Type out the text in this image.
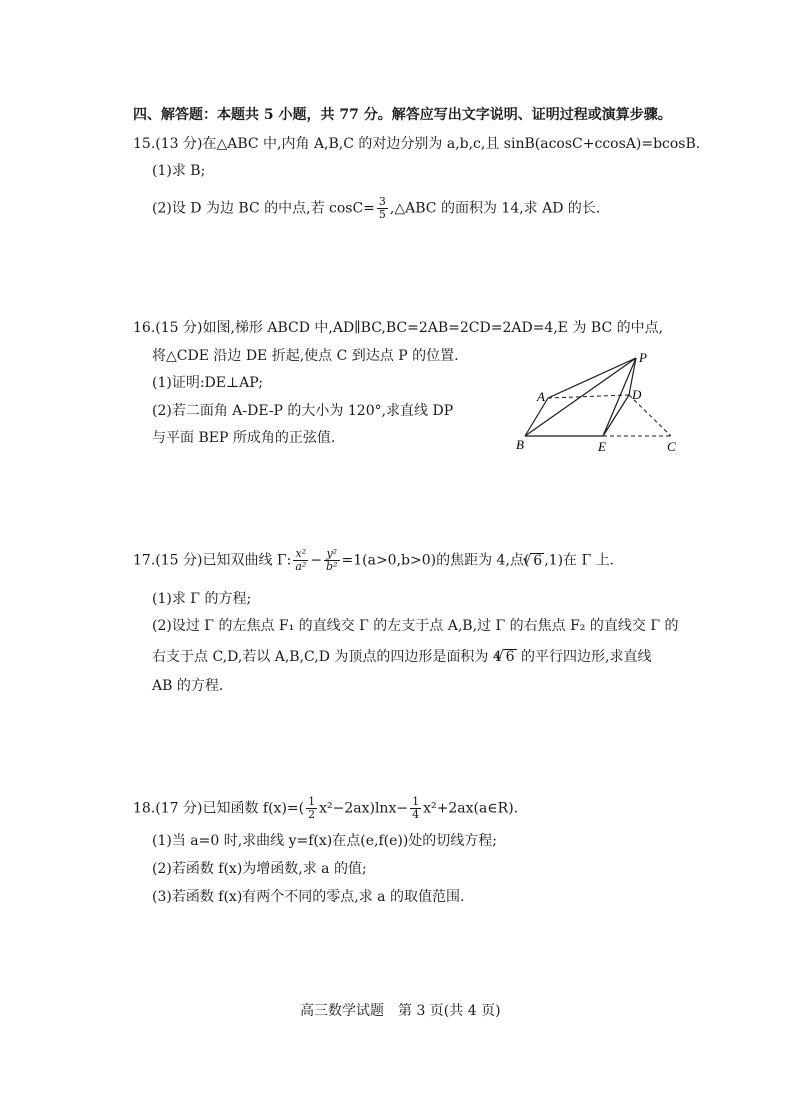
四、解答题：本题共 5 小题，共 77 分。解答应写出文字说明、证明过程或演算步骤。
15.(13 分)在△ABC 中,内角 A,B,C 的对边分别为 a,b,c,且 sinB(acosC+ccosA)=bcosB.
(1)求 B;
(2)设 D 为边 BC 的中点,若 $\cos C= \frac{3}{5}$ ,△ABC 的面积为 14,求 AD 的长.
16.(15 分)如图,梯形 ABCD 中,AD∥BC,BC=2AB=2CD=2AD=4,E 为 BC 的中点,
将△CDE 沿边 DE 折起,使点 C 到达点 P 的位置.
(1)证明:DE⊥AP;
(2)若二面角 A-DE-P 的大小为 120°,求直线 DP
与平面 BEP 所成角的正弦值.
P
A	D
B	E	C
17.(15 分)已知双曲线 Γ: $\frac{\text{x²}}{\text{a²}} - \frac{\text{y²}}{\text{b²}} =1(a>0,b>0)$的焦距为 4,点( √ 6 ,1)在 Γ 上.
(1)求 Γ 的方程;
(2)设过 Γ 的左焦点 F₁ 的直线交 Γ 的左支于点 A,B,过 Γ 的右焦点 F₂ 的直线交 Γ 的
右支于点 C,D,若以 A,B,C,D 为顶点的四边形是面积为 4 √ 6 的平行四边形,求直线
AB 的方程.
18.(17 分)已知函数 $f(x)=( \frac{1}{2} x^2-2ax)\ln x- \frac{1}{4}$ x²+2ax(a∈R).
(1)当 a=0 时,求曲线 y=f(x)在点(e,f(e))处的切线方程;
(2)若函数 f(x)为增函数,求 a 的值;
(3)若函数 f(x)有两个不同的零点,求 a 的取值范围.
高三数学试题　第 3 页(共 4 页)
